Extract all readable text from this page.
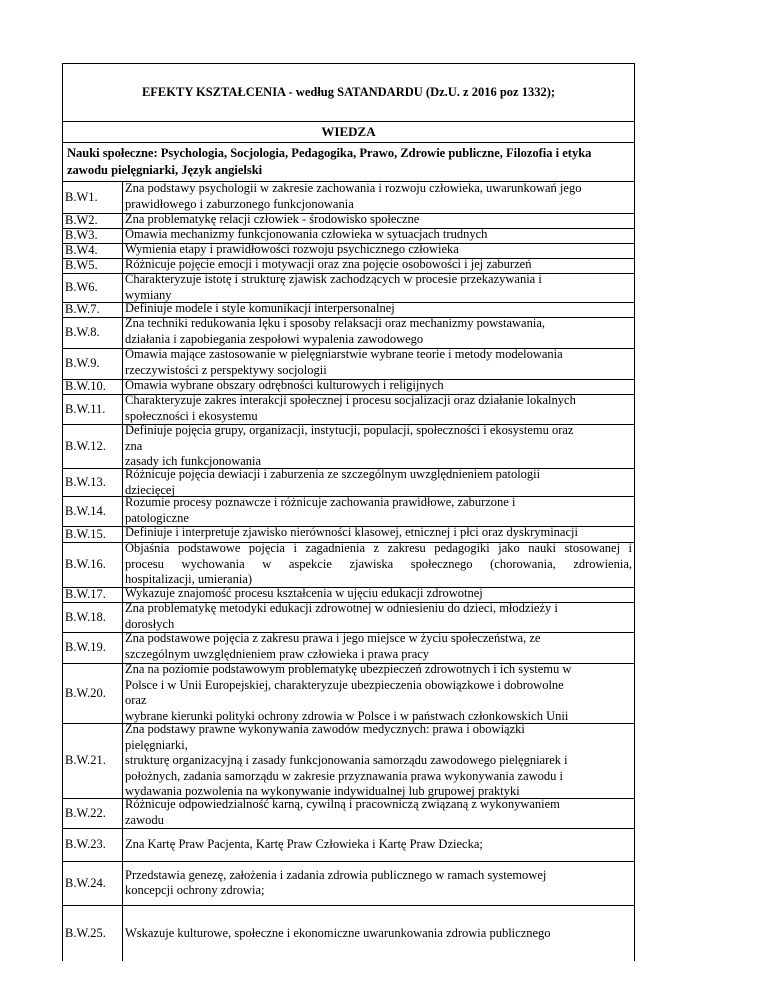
EFEKTY KSZTAŁCENIA - według SATANDARDU (Dz.U. z 2016 poz 1332);
WIEDZA
Nauki społeczne: Psychologia, Socjologia, Pedagogika, Prawo, Zdrowie publiczne, Filozofia i etyka zawodu pielęgniarki, Język angielski
B.W1.
Zna podstawy psychologii w zakresie zachowania i rozwoju człowieka, uwarunkowań jego
prawidłowego i zaburzonego funkcjonowania
B.W2.	Zna problematykę relacji człowiek - środowisko społeczne
B.W3.	Omawia mechanizmy funkcjonowania człowieka w sytuacjach trudnych
B.W4.	Wymienia etapy i prawidłowości rozwoju psychicznego człowieka
B.W5.	Różnicuje pojęcie emocji i motywacji oraz zna pojęcie osobowości i jej zaburzeń
B.W6.
Charakteryzuje istotę i strukturę zjawisk zachodzących w procesie przekazywania i
wymiany
B.W.7.	Definiuje modele i style komunikacji interpersonalnej
B.W.8.
Zna techniki redukowania lęku i sposoby relaksacji oraz mechanizmy powstawania,
działania i zapobiegania zespołowi wypalenia zawodowego
B.W.9.
Omawia mające zastosowanie w pielęgniarstwie wybrane teorie i metody modelowania
rzeczywistości z perspektywy socjologii
B.W.10.	Omawia wybrane obszary odrębności kulturowych i religijnych
B.W.11.
Charakteryzuje zakres interakcji społecznej i procesu socjalizacji oraz działanie lokalnych
społeczności i ekosystemu
B.W.12.
Definiuje pojęcia grupy, organizacji, instytucji, populacji, społeczności i ekosystemu oraz
zna
zasady ich funkcjonowania
B.W.13.
Różnicuje pojęcia dewiacji i zaburzenia ze szczególnym uwzględnieniem patologii
dziecięcej
B.W.14.
Rozumie procesy poznawcze i różnicuje zachowania prawidłowe, zaburzone i
patologiczne
B.W.15.	Definiuje i interpretuje zjawisko nierówności klasowej, etnicznej i płci oraz dyskryminacji
B.W.16.
Objaśnia podstawowe pojęcia i zagadnienia z zakresu pedagogiki jako nauki stosowanej i
procesu wychowania w aspekcie zjawiska społecznego (chorowania, zdrowienia,
hospitalizacji, umierania)
B.W.17.	Wykazuje znajomość procesu kształcenia w ujęciu edukacji zdrowotnej
B.W.18.
Zna problematykę metodyki edukacji zdrowotnej w odniesieniu do dzieci, młodzieży i
dorosłych
B.W.19.
Zna podstawowe pojęcia z zakresu prawa i jego miejsce w życiu społeczeństwa, ze
szczególnym uwzględnieniem praw człowieka i prawa pracy
B.W.20.
Zna na poziomie podstawowym problematykę ubezpieczeń zdrowotnych i ich systemu w
Polsce i w Unii Europejskiej, charakteryzuje ubezpieczenia obowiązkowe i dobrowolne
oraz
wybrane kierunki polityki ochrony zdrowia w Polsce i w państwach członkowskich Unii
B.W.21.
Zna podstawy prawne wykonywania zawodów medycznych: prawa i obowiązki
pielęgniarki,
strukturę organizacyjną i zasady funkcjonowania samorządu zawodowego pielęgniarek i
położnych, zadania samorządu w zakresie przyznawania prawa wykonywania zawodu i
wydawania pozwolenia na wykonywanie indywidualnej lub grupowej praktyki
B.W.22.
Różnicuje odpowiedzialność karną, cywilną i pracowniczą związaną z wykonywaniem
zawodu
B.W.23.	Zna Kartę Praw Pacjenta, Kartę Praw Człowieka i Kartę Praw Dziecka;
B.W.24.
Przedstawia genezę, założenia i zadania zdrowia publicznego w ramach systemowej
koncepcji ochrony zdrowia;
B.W.25.	Wskazuje kulturowe, społeczne i ekonomiczne uwarunkowania zdrowia publicznego
